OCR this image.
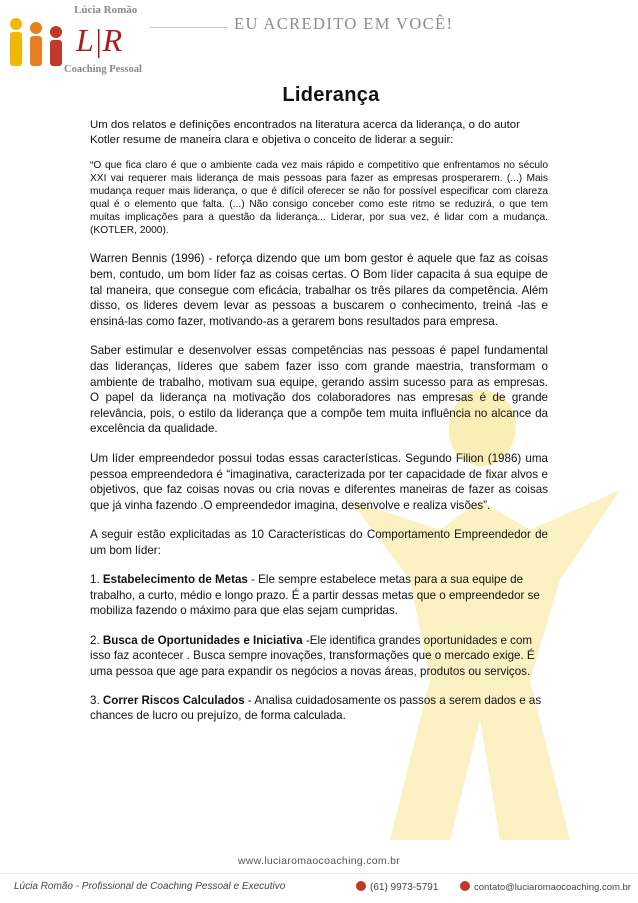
Lúcia Romão
L|R
Coaching Pessoal
EU ACREDITO EM VOCÊ!
Liderança

Um dos relatos e definições encontrados na literatura acerca da liderança, o do autor Kotler resume de maneira clara e objetiva o conceito de liderar a seguir:

“O que fica claro é que o ambiente cada vez mais rápido e competitivo que enfrentamos no século XXI vai requerer mais liderança de mais pessoas para fazer as empresas prosperarem. (...) Mais mudança requer mais liderança, o que é difícil oferecer se não for possível especificar com clareza qual é o elemento que falta. (...) Não consigo conceber como este ritmo se reduzirá, o que tem muitas implicações para a questão da liderança... Liderar, por sua vez, é lidar com a mudança. (KOTLER, 2000).

Warren Bennis (1996) - reforça dizendo que um bom gestor é aquele que faz as coisas bem, contudo, um bom líder faz as coisas certas. O Bom líder capacita á sua equipe de tal maneira, que consegue com eficácia, trabalhar os três pilares da competência. Além disso, os lideres devem levar as pessoas a buscarem o conhecimento, treiná -las e ensiná-las como fazer, motivando-as a gerarem bons resultados para empresa.

Saber estimular e desenvolver essas competências nas pessoas é papel fundamental das lideranças, líderes que sabem fazer isso com grande maestria, transformam o ambiente de trabalho, motivam sua equipe, gerando assim sucesso para as empresas. O papel da liderança na motivação dos colaboradores nas empresas é de grande relevância, pois, o estilo da liderança que a compõe tem muita influência no alcance da excelência da qualidade.

Um líder empreendedor possui todas essas características. Segundo Filion (1986) uma pessoa empreendedora é “imaginativa, caracterizada por ter capacidade de fixar alvos e objetivos, que faz coisas novas ou cria novas e diferentes maneiras de fazer as coisas que já vinha fazendo .O empreendedor imagina, desenvolve e realiza visões”.

A seguir estão explicitadas as 10 Características do Comportamento Empreendedor de um bom líder:

1. Estabelecimento de Metas - Ele sempre estabelece metas para a sua equipe de trabalho, a curto, médio e longo prazo. É a partir dessas metas que o empreendedor se mobiliza fazendo o máximo para que elas sejam cumpridas.

2. Busca de Oportunidades e Iniciativa -Ele identifica grandes oportunidades e com isso faz acontecer . Busca sempre inovações, transformações que o mercado exige. É uma pessoa que age para expandir os negócios a novas áreas, produtos ou serviços.

3. Correr Riscos Calculados - Analisa cuidadosamente os passos a serem dados e as chances de lucro ou prejuízo, de forma calculada.

www.luciaromaocoaching.com.br
Lúcia Romão - Profissional de Coaching Pessoal e Executivo	(61) 9973-5791	contato@luciaromaocoaching.com.br
